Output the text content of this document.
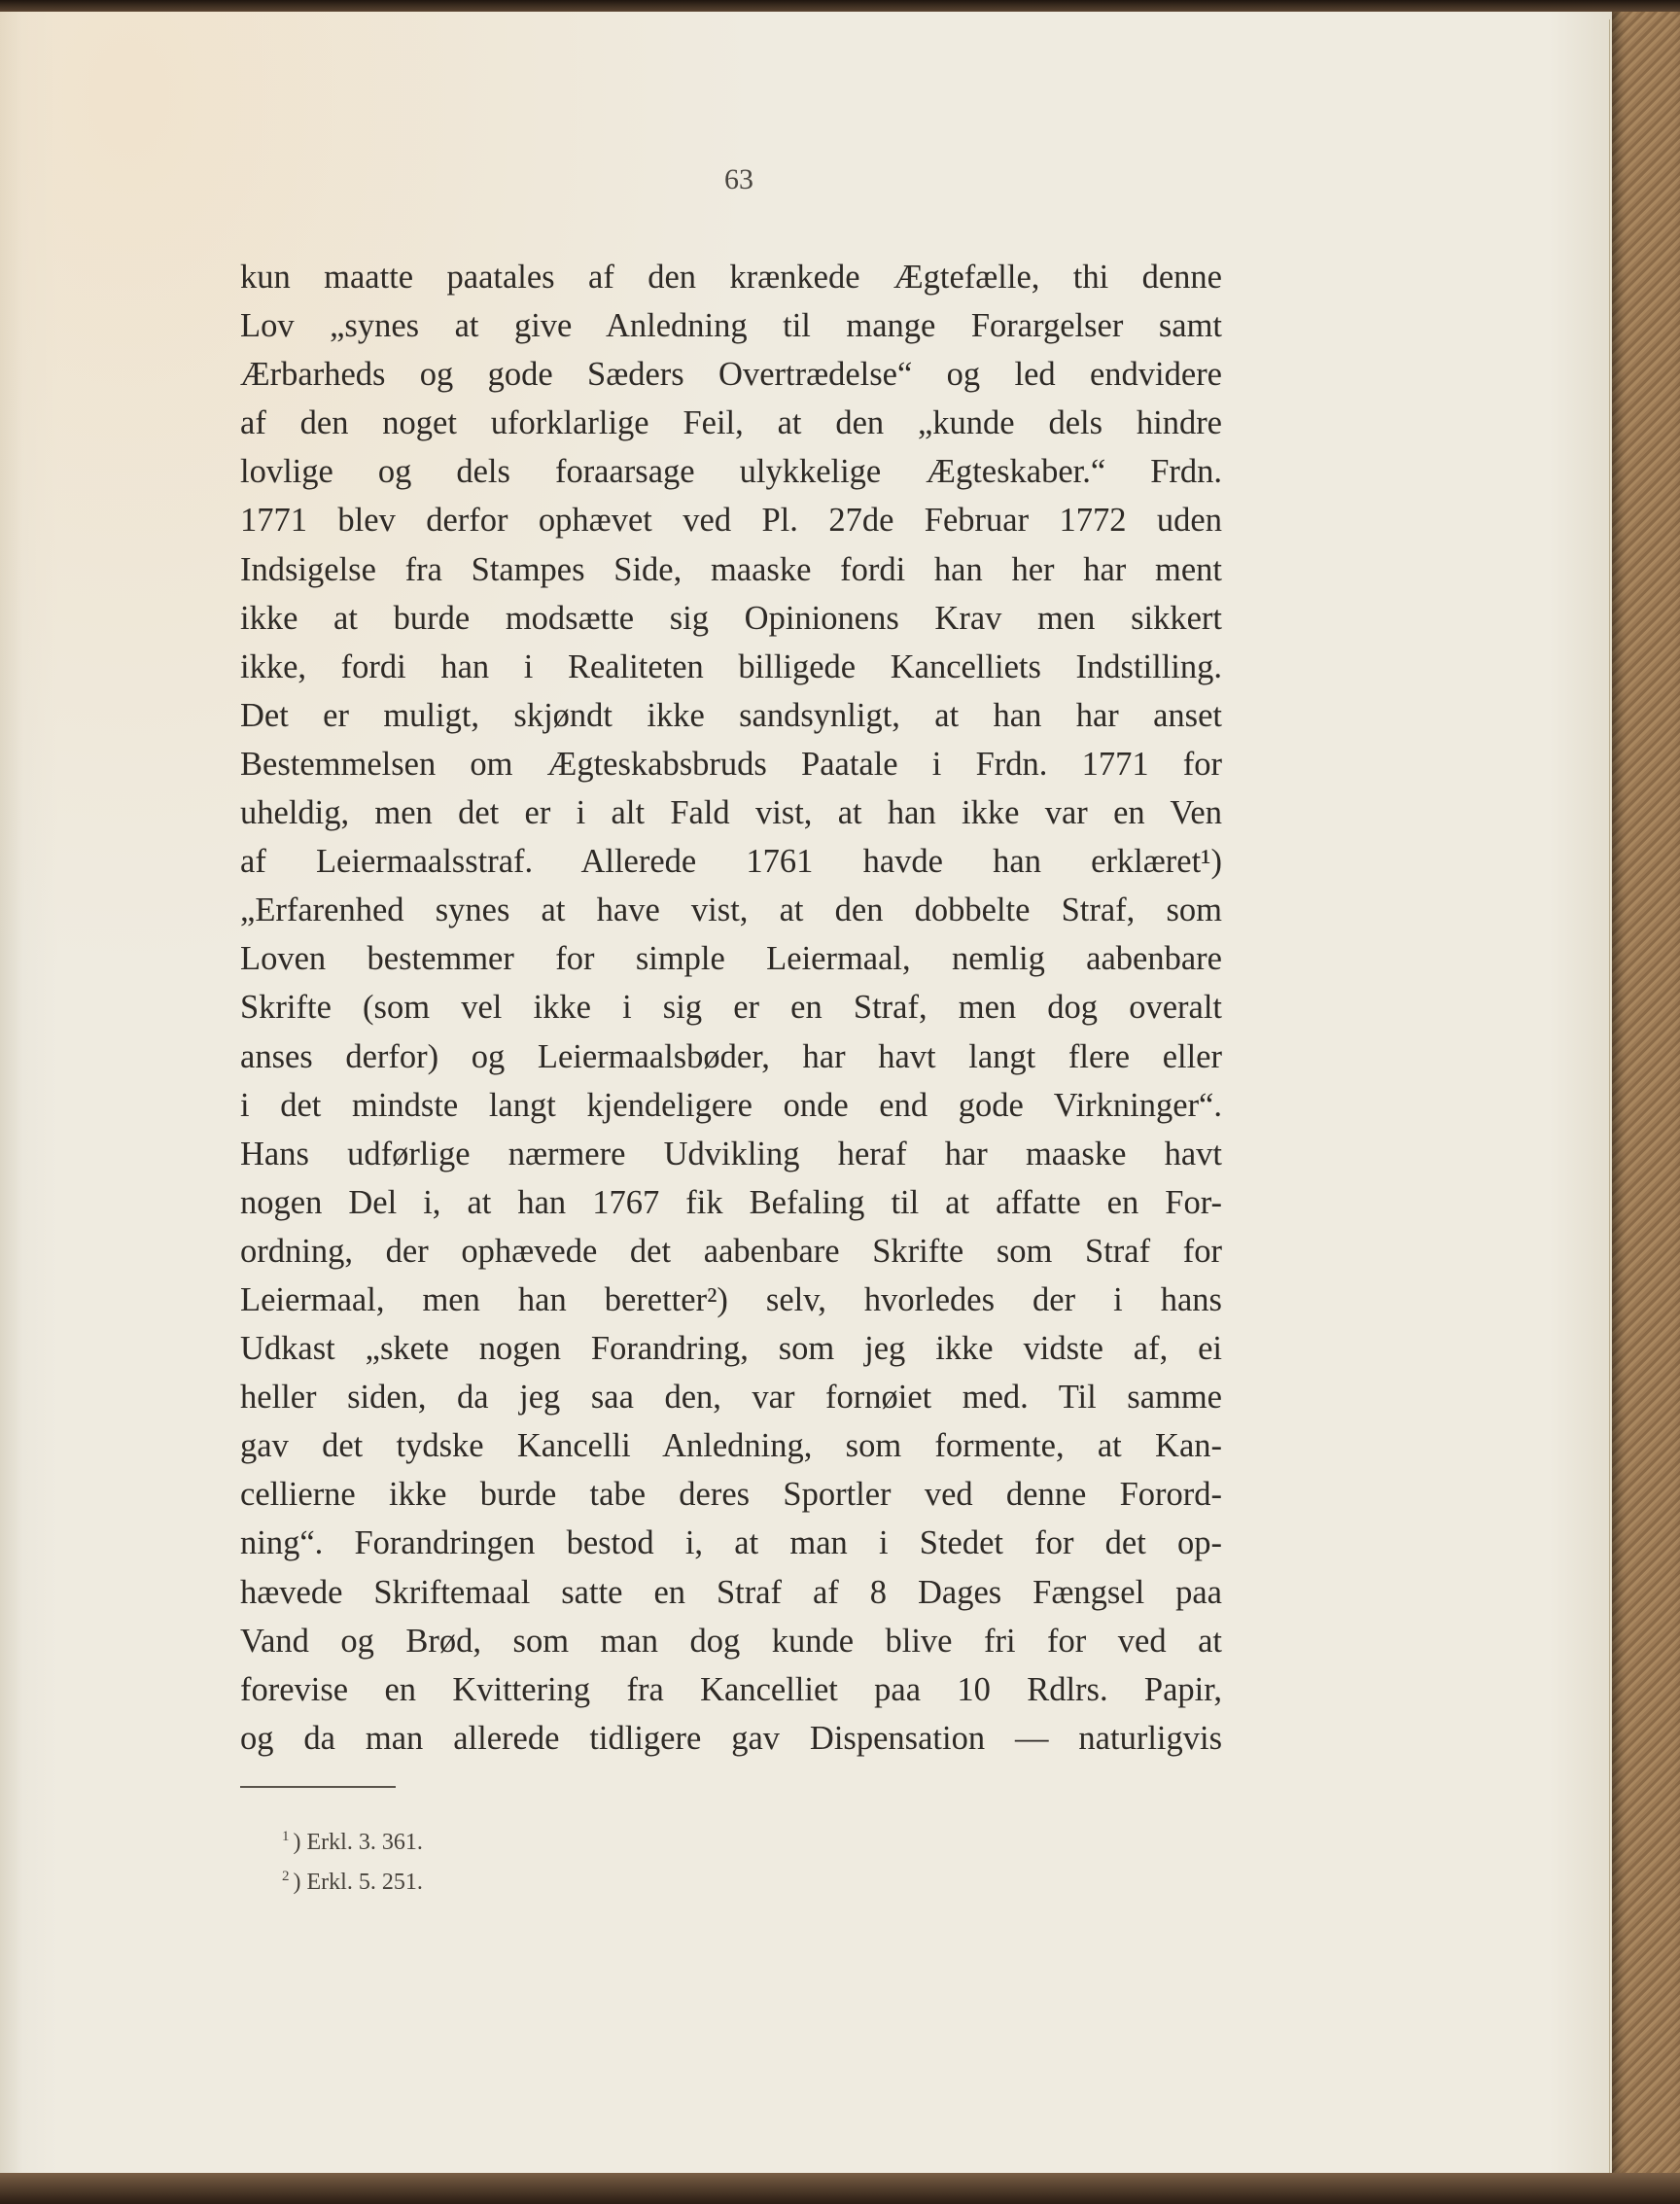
63
kun maatte paatales af den krænkede Ægtefælle, thi denne
Lov „synes at give Anledning til mange Forargelser samt
Ærbarheds og gode Sæders Overtrædelse“ og led endvidere
af den noget uforklarlige Feil, at den „kunde dels hindre
lovlige og dels foraarsage ulykkelige Ægteskaber.“ Frdn.
1771 blev derfor ophævet ved Pl. 27de Februar 1772 uden
Indsigelse fra Stampes Side, maaske fordi han her har ment
ikke at burde modsætte sig Opinionens Krav men sikkert
ikke, fordi han i Realiteten billigede Kancelliets Indstilling.
Det er muligt, skjøndt ikke sandsynligt, at han har anset
Bestemmelsen om Ægteskabsbruds Paatale i Frdn. 1771 for
uheldig, men det er i alt Fald vist, at han ikke var en Ven
af Leiermaalsstraf. Allerede 1761 havde han erklæret¹)
„Erfarenhed synes at have vist, at den dobbelte Straf, som
Loven bestemmer for simple Leiermaal, nemlig aabenbare
Skrifte (som vel ikke i sig er en Straf, men dog overalt
anses derfor) og Leiermaalsbøder, har havt langt flere eller
i det mindste langt kjendeligere onde end gode Virkninger“.
Hans udførlige nærmere Udvikling heraf har maaske havt
nogen Del i, at han 1767 fik Befaling til at affatte en For-
ordning, der ophævede det aabenbare Skrifte som Straf for
Leiermaal, men han beretter²) selv, hvorledes der i hans
Udkast „skete nogen Forandring, som jeg ikke vidste af, ei
heller siden, da jeg saa den, var fornøiet med. Til samme
gav det tydske Kancelli Anledning, som formente, at Kan-
cellierne ikke burde tabe deres Sportler ved denne Forord-
ning“. Forandringen bestod i, at man i Stedet for det op-
hævede Skriftemaal satte en Straf af 8 Dages Fængsel paa
Vand og Brød, som man dog kunde blive fri for ved at
forevise en Kvittering fra Kancelliet paa 10 Rdlrs. Papir,
og da man allerede tidligere gav Dispensation — naturligvis
$^1$ ) Erkl. 3. 361.
$^2$ ) Erkl. 5. 251.
